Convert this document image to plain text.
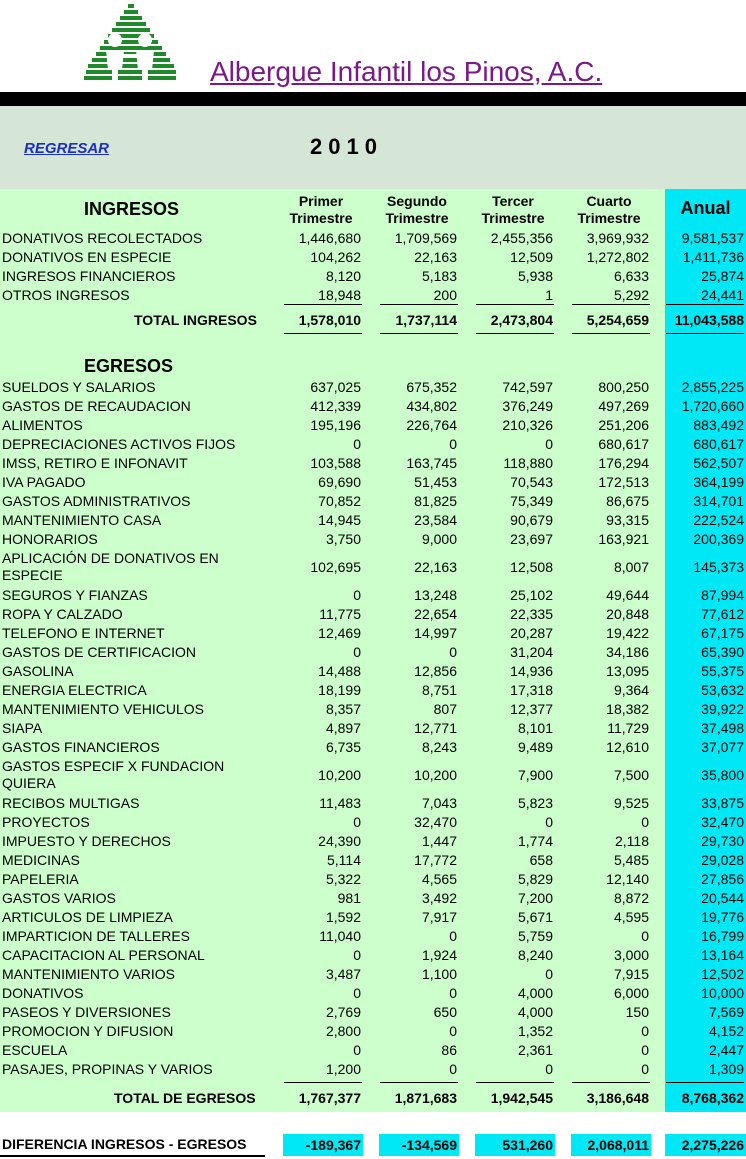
Albergue Infantil los Pinos, A.C.
REGRESAR	2010
INGRESOS	Primer Trimestre
Segundo Trimestre
Tercer Trimestre
Cuarto Trimestre	Anual
DONATIVOS RECOLECTADOS	1,446,680 1,709,569 2,455,356 3,969,932 9,581,537
DONATIVOS EN ESPECIE	104,262	22,163	12,509 1,272,802 1,411,736
INGRESOS FINANCIEROS	8,120	5,183	5,938	6,633	25,874
OTROS INGRESOS	18,948	200	1	5,292	24,441
TOTAL INGRESOS	1,578,010 1,737,114 2,473,804 5,254,659 11,043,588
EGRESOS
SUELDOS Y SALARIOS	637,025	675,352	742,597	800,250 2,855,225
GASTOS DE RECAUDACION	412,339	434,802	376,249	497,269 1,720,660
ALIMENTOS	195,196	226,764	210,326	251,206	883,492
DEPRECIACIONES ACTIVOS FIJOS	0	0	0	680,617	680,617
IMSS, RETIRO E INFONAVIT	103,588	163,745	118,880	176,294	562,507
IVA PAGADO	69,690	51,453	70,543	172,513	364,199
GASTOS ADMINISTRATIVOS	70,852	81,825	75,349	86,675	314,701
MANTENIMIENTO CASA	14,945	23,584	90,679	93,315	222,524
HONORARIOS	3,750	9,000	23,697	163,921	200,369
APLICACIÓN DE DONATIVOS EN
ESPECIE	102,695	22,163	12,508	8,007	145,373
SEGUROS Y FIANZAS	0	13,248	25,102	49,644	87,994
ROPA Y CALZADO	11,775	22,654	22,335	20,848	77,612
TELEFONO E INTERNET	12,469	14,997	20,287	19,422	67,175
GASTOS DE CERTIFICACION	0	0	31,204	34,186	65,390
GASOLINA	14,488	12,856	14,936	13,095	55,375
ENERGIA ELECTRICA	18,199	8,751	17,318	9,364	53,632
MANTENIMIENTO VEHICULOS	8,357	807	12,377	18,382	39,922
SIAPA	4,897	12,771	8,101	11,729	37,498
GASTOS FINANCIEROS	6,735	8,243	9,489	12,610	37,077
GASTOS ESPECIF X FUNDACION
QUIERA	10,200	10,200	7,900	7,500	35,800
RECIBOS MULTIGAS	11,483	7,043	5,823	9,525	33,875
PROYECTOS	0	32,470	0	0	32,470
IMPUESTO Y DERECHOS	24,390	1,447	1,774	2,118	29,730
MEDICINAS	5,114	17,772	658	5,485	29,028
PAPELERIA	5,322	4,565	5,829	12,140	27,856
GASTOS VARIOS	981	3,492	7,200	8,872	20,544
ARTICULOS DE LIMPIEZA	1,592	7,917	5,671	4,595	19,776
IMPARTICION DE TALLERES	11,040	0	5,759	0	16,799
CAPACITACION AL PERSONAL	0	1,924	8,240	3,000	13,164
MANTENIMIENTO VARIOS	3,487	1,100	0	7,915	12,502
DONATIVOS	0	0	4,000	6,000	10,000
PASEOS Y DIVERSIONES	2,769	650	4,000	150	7,569
PROMOCION Y DIFUSION	2,800	0	1,352	0	4,152
ESCUELA	0	86	2,361	0	2,447
PASAJES, PROPINAS Y VARIOS	1,200	0	0	0	1,309
TOTAL DE EGRESOS	1,767,377 1,871,683 1,942,545 3,186,648 8,768,362
DIFERENCIA INGRESOS - EGRESOS	-189,367	-134,569	531,260	2,068,011	2,275,226
